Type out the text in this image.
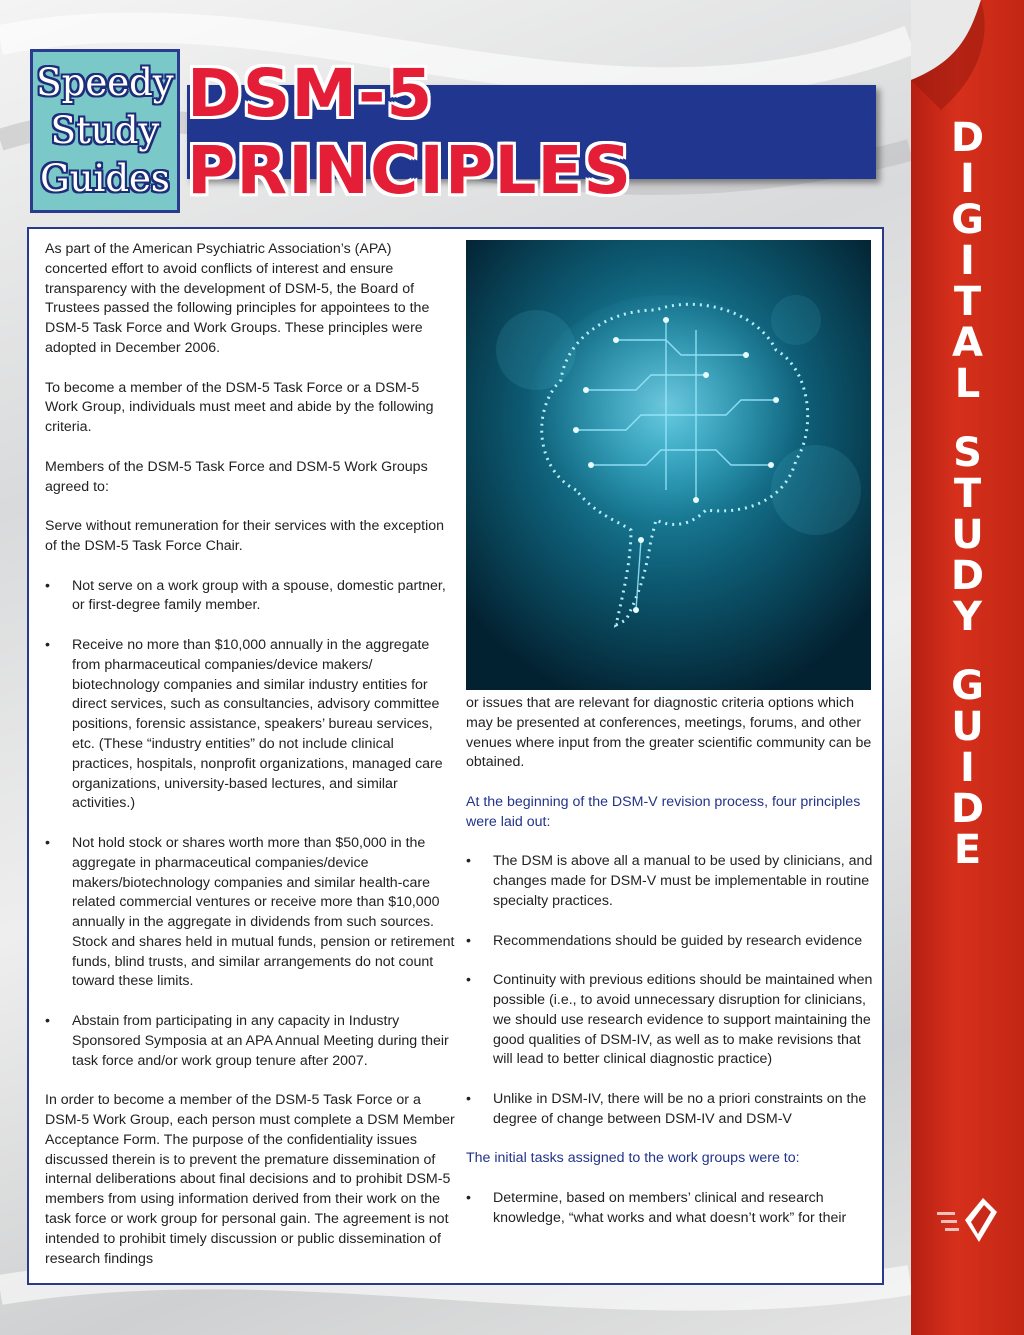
Speedy
Study
Guides
DSM-5 PRINCIPLES

As part of the American Psychiatric Association’s (APA) concerted effort to avoid conflicts of interest and ensure transparency with the development of DSM-5, the Board of Trustees passed the following principles for appointees to the DSM-5 Task Force and Work Groups. These principles were adopted in December 2006.

To become a member of the DSM-5 Task Force or a DSM-5 Work Group, individuals must meet and abide by the following criteria.

Members of the DSM-5 Task Force and DSM-5 Work Groups agreed to:

Serve without remuneration for their services with the exception of the DSM-5 Task Force Chair.

• Not serve on a work group with a spouse, domestic partner, or first-degree family member.
• Receive no more than $10,000 annually in the aggregate from pharmaceutical companies/device makers/ biotechnology companies and similar industry entities for direct services, such as consultancies, advisory committee positions, forensic assistance, speakers’ bureau services, etc. (These “industry entities” do not include clinical practices, hospitals, nonprofit organizations, managed care organizations, university-based lectures, and similar activities.)
• Not hold stock or shares worth more than $50,000 in the aggregate in pharmaceutical companies/device makers/biotechnology companies and similar health-care related commercial ventures or receive more than $10,000 annually in the aggregate in dividends from such sources. Stock and shares held in mutual funds, pension or retirement funds, blind trusts, and similar arrangements do not count toward these limits.
• Abstain from participating in any capacity in Industry Sponsored Symposia at an APA Annual Meeting during their task force and/or work group tenure after 2007.

In order to become a member of the DSM-5 Task Force or a DSM-5 Work Group, each person must complete a DSM Member Acceptance Form. The purpose of the confidentiality issues discussed therein is to prevent the premature dissemination of internal deliberations about final decisions and to prohibit DSM-5 members from using information derived from their work on the task force or work group for personal gain. The agreement is not intended to prohibit timely discussion or public dissemination of research findings

or issues that are relevant for diagnostic criteria options which may be presented at conferences, meetings, forums, and other venues where input from the greater scientific community can be obtained.

At the beginning of the DSM-V revision process, four principles were laid out:

• The DSM is above all a manual to be used by clinicians, and changes made for DSM-V must be implementable in routine specialty practices.
• Recommendations should be guided by research evidence
• Continuity with previous editions should be maintained when possible (i.e., to avoid unnecessary disruption for clinicians, we should use research evidence to support maintaining the good qualities of DSM-IV, as well as to make revisions that will lead to better clinical diagnostic practice)
• Unlike in DSM-IV, there will be no a priori constraints on the degree of change between DSM-IV and DSM-V

The initial tasks assigned to the work groups were to:

• Determine, based on members’ clinical and research knowledge, “what works and what doesn’t work” for their
D
I
G
I
T
A
L
S
T
U
D
Y
G
U
I
D
E
